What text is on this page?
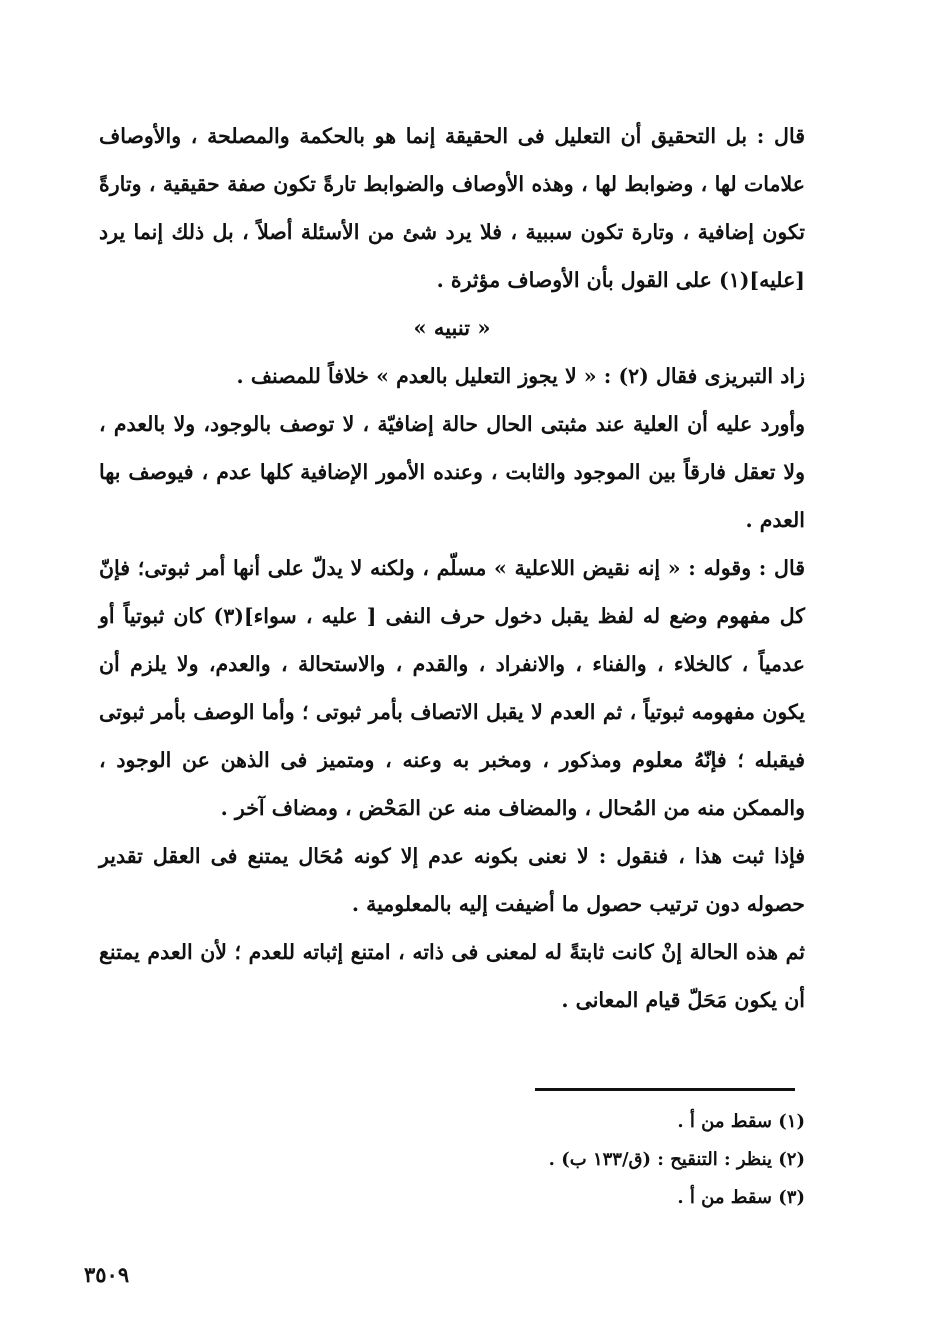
قال : بل التحقيق أن التعليل فى الحقيقة إنما هو بالحكمة والمصلحة ، والأوصاف علامات لها ، وضوابط لها ، وهذه الأوصاف والضوابط تارةً تكون صفة حقيقية ، وتارةً تكون إضافية ، وتارة تكون سببية ، فلا يرد شئ من الأسئلة أصلاً ، بل ذلك إنما يرد [عليه](١) على القول بأن الأوصاف مؤثرة .

« تنبيه »

زاد التبريزى فقال (٢) : « لا يجوز التعليل بالعدم » خلافاً للمصنف .

وأورد عليه أن العلية عند مثبتى الحال حالة إضافيّة ، لا توصف بالوجود، ولا بالعدم ، ولا تعقل فارقاً بين الموجود والثابت ، وعنده الأمور الإضافية كلها عدم ، فيوصف بها العدم .

قال : وقوله : « إنه نقيض اللاعلية » مسلّم ، ولكنه لا يدلّ على أنها أمر ثبوتى؛ فإنّ كل مفهوم وضع له لفظ يقبل دخول حرف النفى [ عليه ، سواء](٣) كان ثبوتياً أو عدمياً ، كالخلاء ، والفناء ، والانفراد ، والقدم ، والاستحالة ، والعدم، ولا يلزم أن يكون مفهومه ثبوتياً ، ثم العدم لا يقبل الاتصاف بأمر ثبوتى ؛ وأما الوصف بأمر ثبوتى فيقبله ؛ فإنّهُ معلوم ومذكور ، ومخبر به وعنه ، ومتميز فى الذهن عن الوجود ، والممكن منه من المُحال ، والمضاف منه عن المَحْض ، ومضاف آخر .

فإذا ثبت هذا ، فنقول : لا نعنى بكونه عدم إلا كونه مُحَال يمتنع فى العقل تقدير حصوله دون ترتيب حصول ما أضيفت إليه بالمعلومية .

ثم هذه الحالة إنْ كانت ثابتةً له لمعنى فى ذاته ، امتنع إثباته للعدم ؛ لأن العدم يمتنع أن يكون مَحَلّ قيام المعانى .

(١) سقط من أ .

(٢) ينظر : التنقيح : (ق/١٣٣ ب) .

(٣) سقط من أ .

٣٥٠٩
